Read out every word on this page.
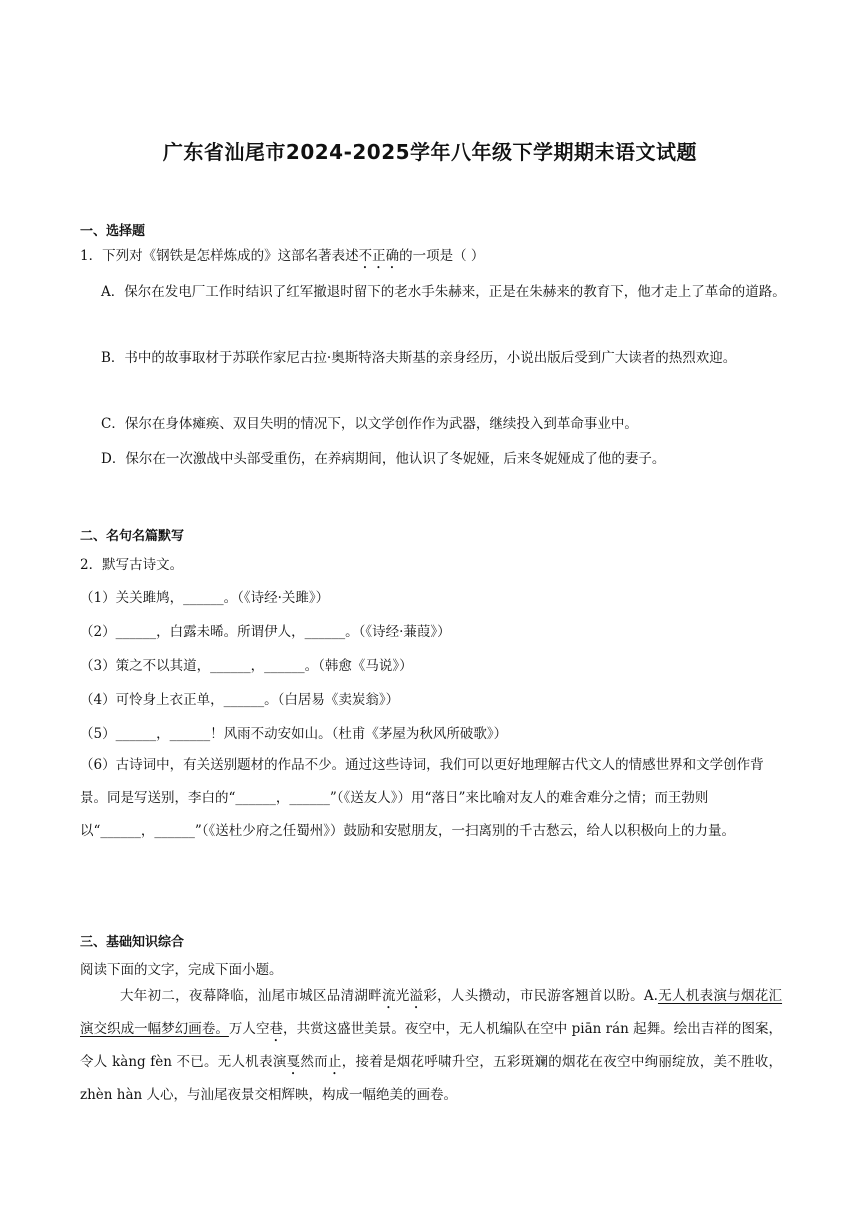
广东省汕尾市2024-2025学年八年级下学期期末语文试题
一、选择题
1．下列对《钢铁是怎样炼成的》这部名著表述不正确的一项是（ ）
A．保尔在发电厂工作时结识了红军撤退时留下的老水手朱赫来，正是在朱赫来的教育下，他才走上了革命的道路。
B．书中的故事取材于苏联作家尼古拉·奥斯特洛夫斯基的亲身经历，小说出版后受到广大读者的热烈欢迎。
C．保尔在身体瘫痪、双目失明的情况下，以文学创作作为武器，继续投入到革命事业中。
D．保尔在一次激战中头部受重伤，在养病期间，他认识了冬妮娅，后来冬妮娅成了他的妻子。
二、名句名篇默写
2．默写古诗文。
（1）关关雎鸠，______。（《诗经·关雎》）
（2）______，白露未晞。所谓伊人，______。（《诗经·蒹葭》）
（3）策之不以其道，______，______。（韩愈《马说》）
（4）可怜身上衣正单，______。（白居易《卖炭翁》）
（5）______，______！风雨不动安如山。（杜甫《茅屋为秋风所破歌》）
（6）古诗词中，有关送别题材的作品不少。通过这些诗词，我们可以更好地理解古代文人的情感世界和文学创作背景。同是写送别，李白的“______，______”（《送友人》）用“落日”来比喻对友人的难舍难分之情；而王勃则以“______，______”（《送杜少府之任蜀州》）鼓励和安慰朋友，一扫离别的千古愁云，给人以积极向上的力量。
三、基础知识综合
阅读下面的文字，完成下面小题。
大年初二，夜幕降临，汕尾市城区品清湖畔流光溢彩，人头攒动，市民游客翘首以盼。A.无人机表演与烟花汇演交织成一幅梦幻画卷。万人空巷，共赏这盛世美景。夜空中，无人机编队在空中 piān rán 起舞。绘出吉祥的图案，令人 kàng fèn 不已。无人机表演戛然而止，接着是烟花呼啸升空，五彩斑斓的烟花在夜空中绚丽绽放，美不胜收，zhèn hàn 人心，与汕尾夜景交相辉映，构成一幅绝美的画卷。
